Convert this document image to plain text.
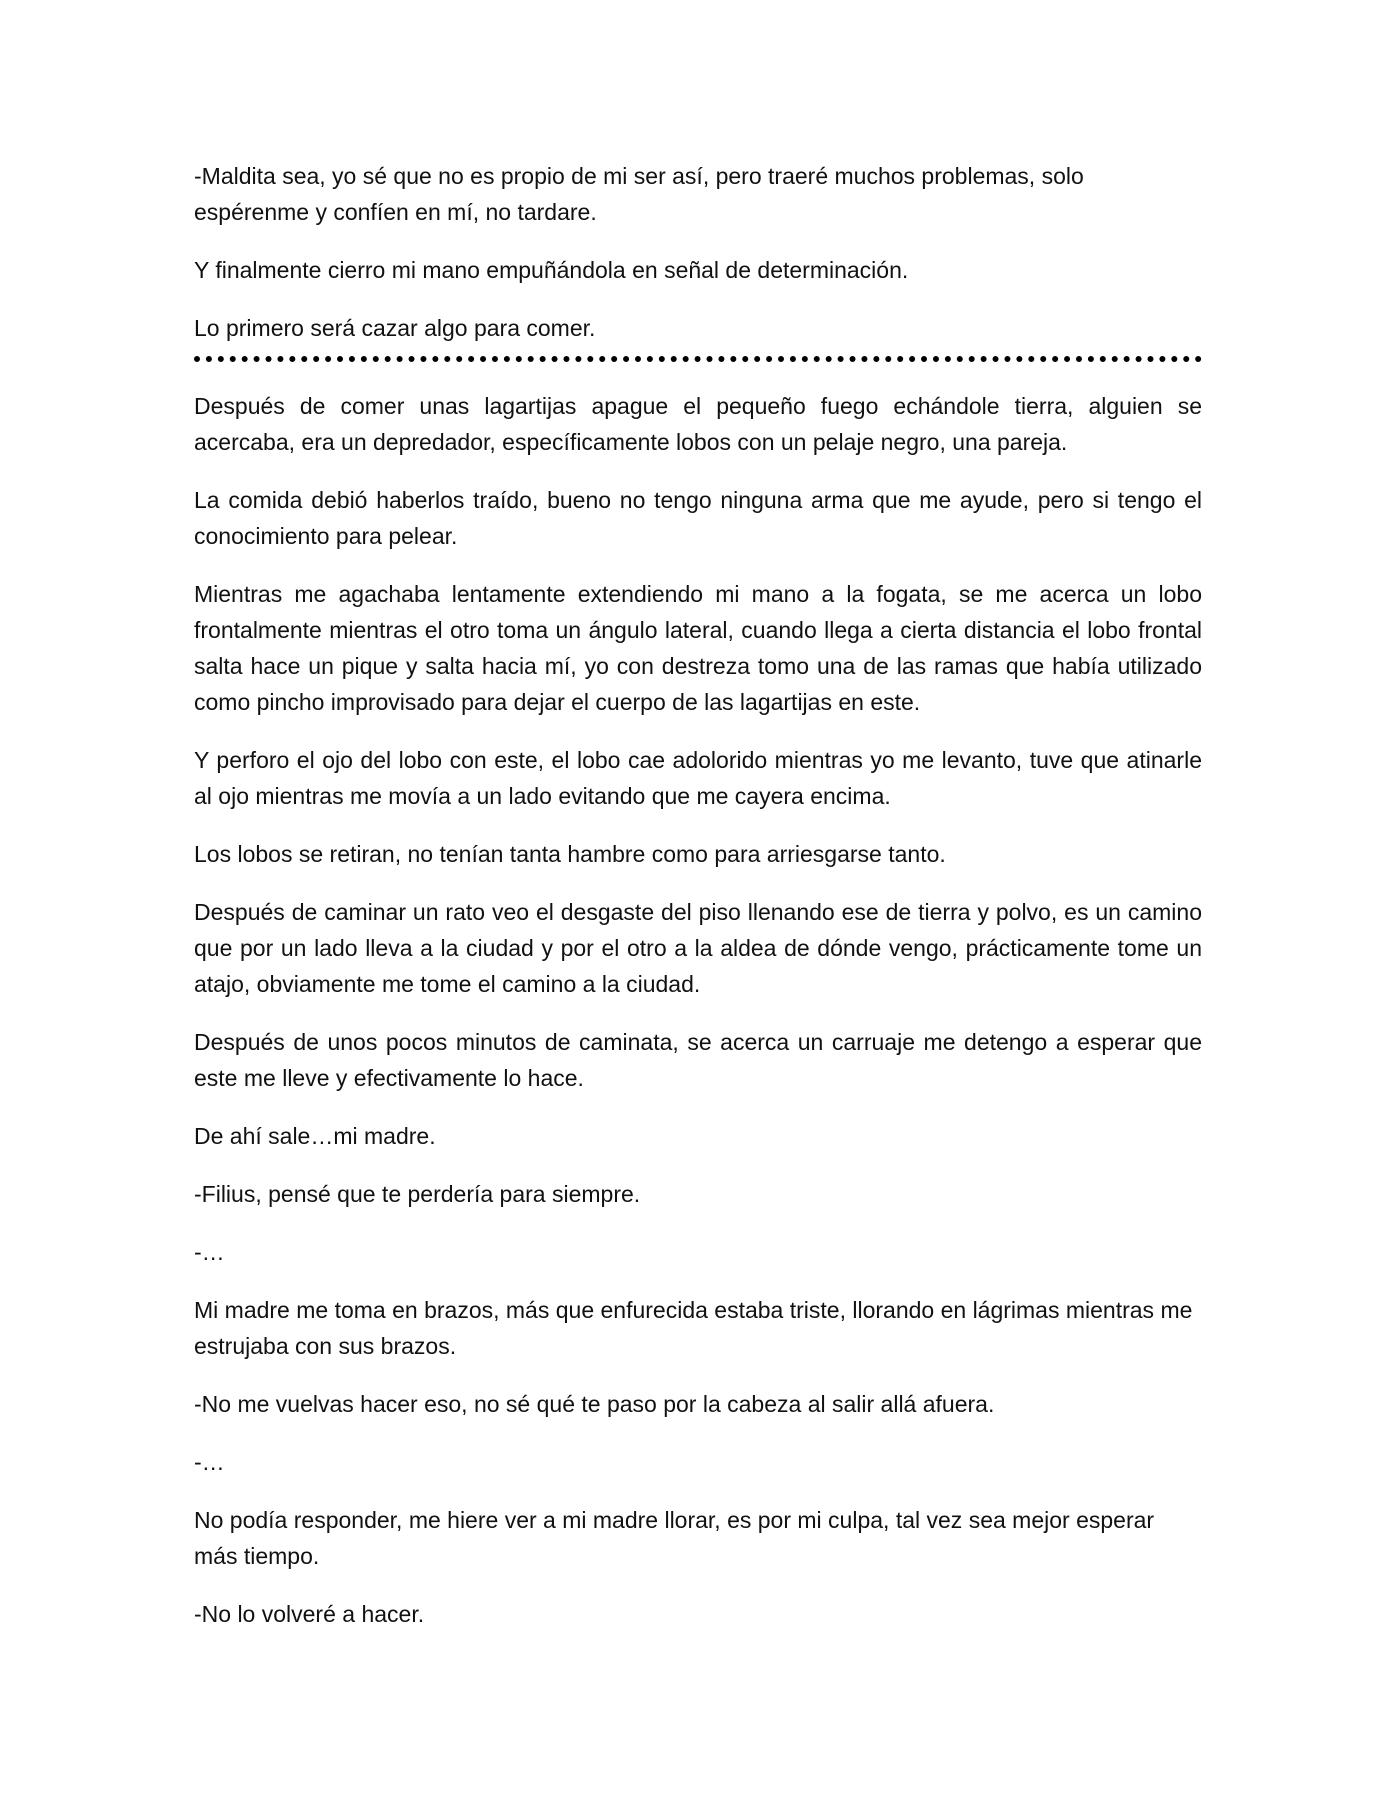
-Maldita sea, yo sé que no es propio de mi ser así, pero traeré muchos problemas, solo espérenme y confíen en mí, no tardare.

Y finalmente cierro mi mano empuñándola en señal de determinación.

Lo primero será cazar algo para comer.

Después de comer unas lagartijas apague el pequeño fuego echándole tierra, alguien se acercaba, era un depredador, específicamente lobos con un pelaje negro, una pareja.

La comida debió haberlos traído, bueno no tengo ninguna arma que me ayude, pero si tengo el conocimiento para pelear.

Mientras me agachaba lentamente extendiendo mi mano a la fogata, se me acerca un lobo frontalmente mientras el otro toma un ángulo lateral, cuando llega a cierta distancia el lobo frontal salta hace un pique y salta hacia mí, yo con destreza tomo una de las ramas que había utilizado como pincho improvisado para dejar el cuerpo de las lagartijas en este.

Y perforo el ojo del lobo con este, el lobo cae adolorido mientras yo me levanto, tuve que atinarle al ojo mientras me movía a un lado evitando que me cayera encima.

Los lobos se retiran, no tenían tanta hambre como para arriesgarse tanto.

Después de caminar un rato veo el desgaste del piso llenando ese de tierra y polvo, es un camino que por un lado lleva a la ciudad y por el otro a la aldea de dónde vengo, prácticamente tome un atajo, obviamente me tome el camino a la ciudad.

Después de unos pocos minutos de caminata, se acerca un carruaje me detengo a esperar que este me lleve y efectivamente lo hace.

De ahí sale…mi madre.

-Filius, pensé que te perdería para siempre.

-…

Mi madre me toma en brazos, más que enfurecida estaba triste, llorando en lágrimas mientras me estrujaba con sus brazos.

-No me vuelvas hacer eso, no sé qué te paso por la cabeza al salir allá afuera.

-…

No podía responder, me hiere ver a mi madre llorar, es por mi culpa, tal vez sea mejor esperar más tiempo.

-No lo volveré a hacer.
